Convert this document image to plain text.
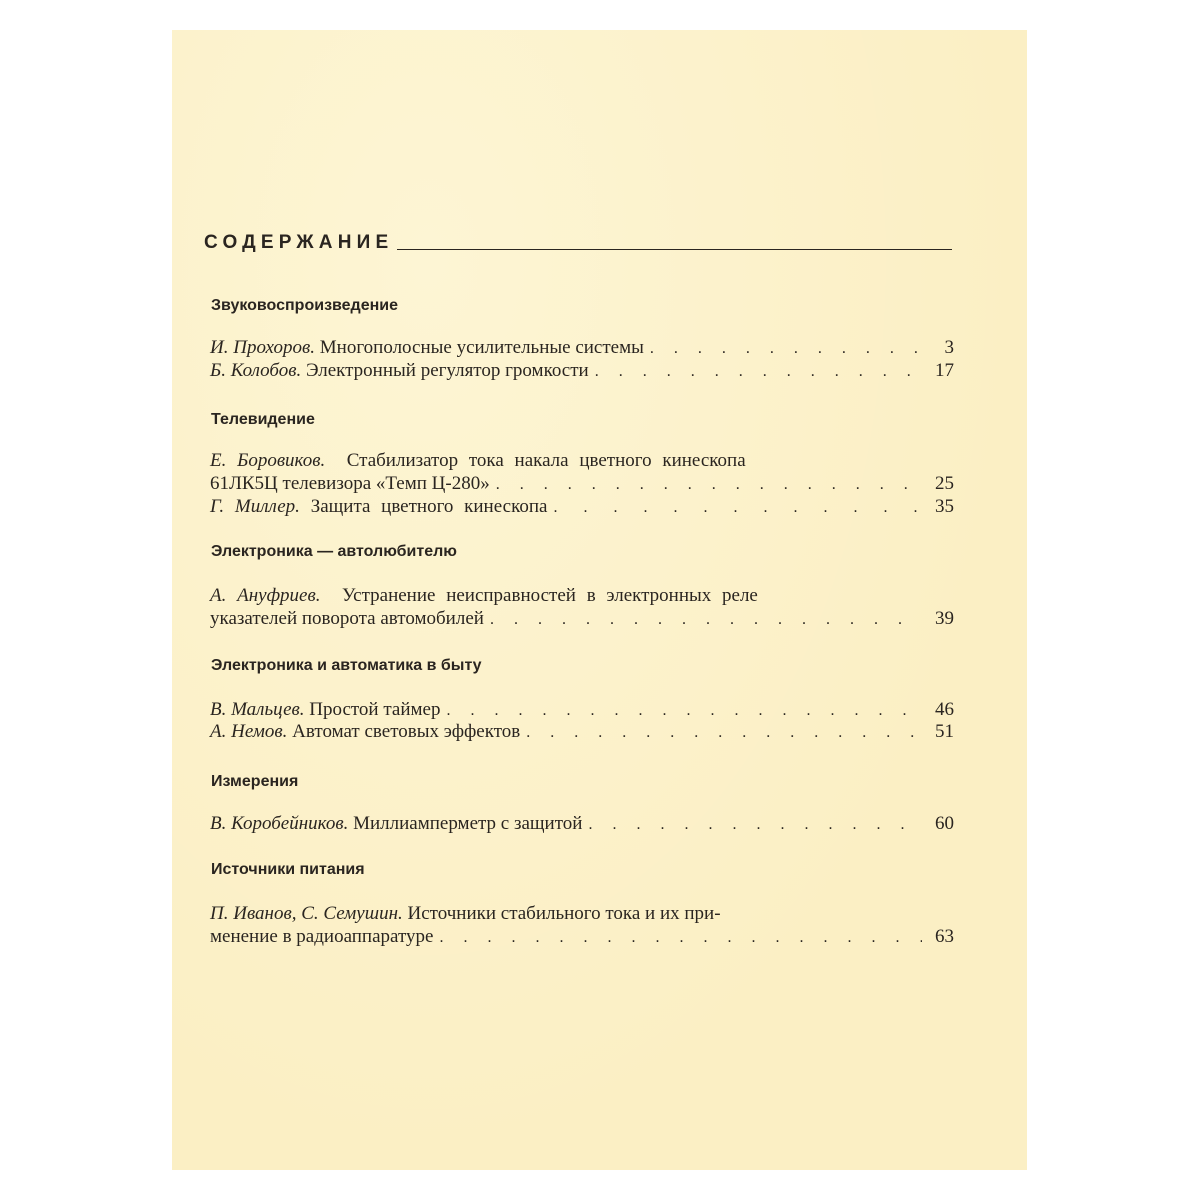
СОДЕРЖАНИЕ
Звуковоспроизведение
И. Прохоров.
Многополосные усилительные системы . . .	3
Б. Колобов.
Электронный регулятор громкости . . .	17
Телевидение
Е. Боровиков.
Стабилизатор тока накала цветного кинескопа
61ЛК5Ц телевизора «Темп Ц-280» . . .	25
Г. Миллер.
Защита цветного кинескопа . . .	35
Электроника — автолюбителю
А. Ануфриев.
Устранение неисправностей в электронных реле
указателей поворота автомобилей . . .	39
Электроника и автоматика в быту
В. Мальцев.
Простой таймер . . .	46
А. Немов.
Автомат световых эффектов . . .	51
Измерения
В. Коробейников.
Миллиамперметр с защитой . . .	60
Источники питания
П. Иванов, С. Семушин.
Источники стабильного тока и их при-
менение в радиоаппаратуре . . .	63
